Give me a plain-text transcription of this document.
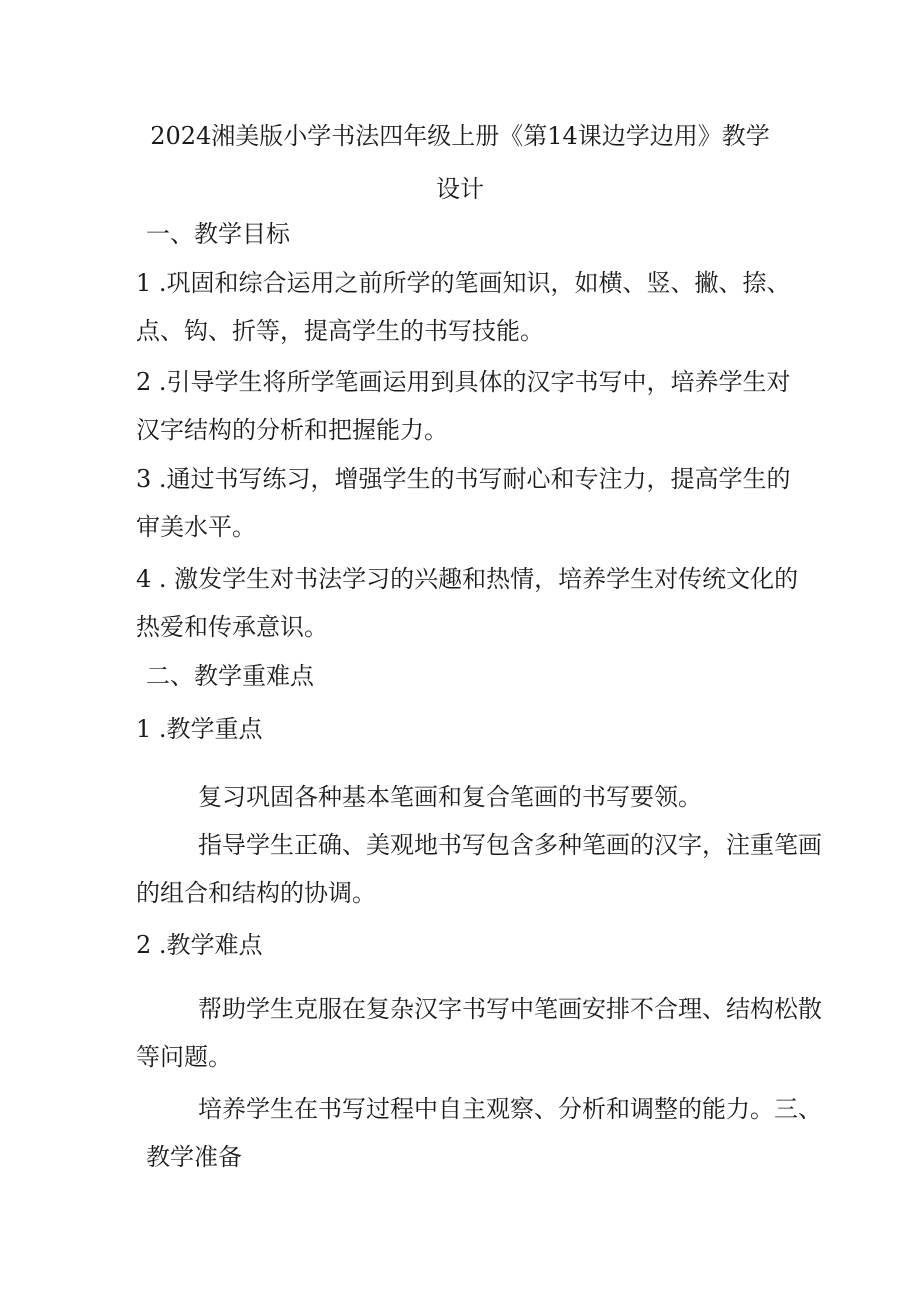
2024湘美版小学书法四年级上册《第14课边学边用》教学
设计
一、教学目标
1 .巩固和综合运用之前所学的笔画知识，如横、竖、撇、捺、
点、钩、折等，提高学生的书写技能。
2 .引导学生将所学笔画运用到具体的汉字书写中，培养学生对
汉字结构的分析和把握能力。
3 .通过书写练习，增强学生的书写耐心和专注力，提高学生的
审美水平。
4 . 激发学生对书法学习的兴趣和热情，培养学生对传统文化的
热爱和传承意识。
二、教学重难点
1 .教学重点
复习巩固各种基本笔画和复合笔画的书写要领。
指导学生正确、美观地书写包含多种笔画的汉字，注重笔画
的组合和结构的协调。
2 .教学难点
帮助学生克服在复杂汉字书写中笔画安排不合理、结构松散
等问题。
培养学生在书写过程中自主观察、分析和调整的能力。三、
教学准备
